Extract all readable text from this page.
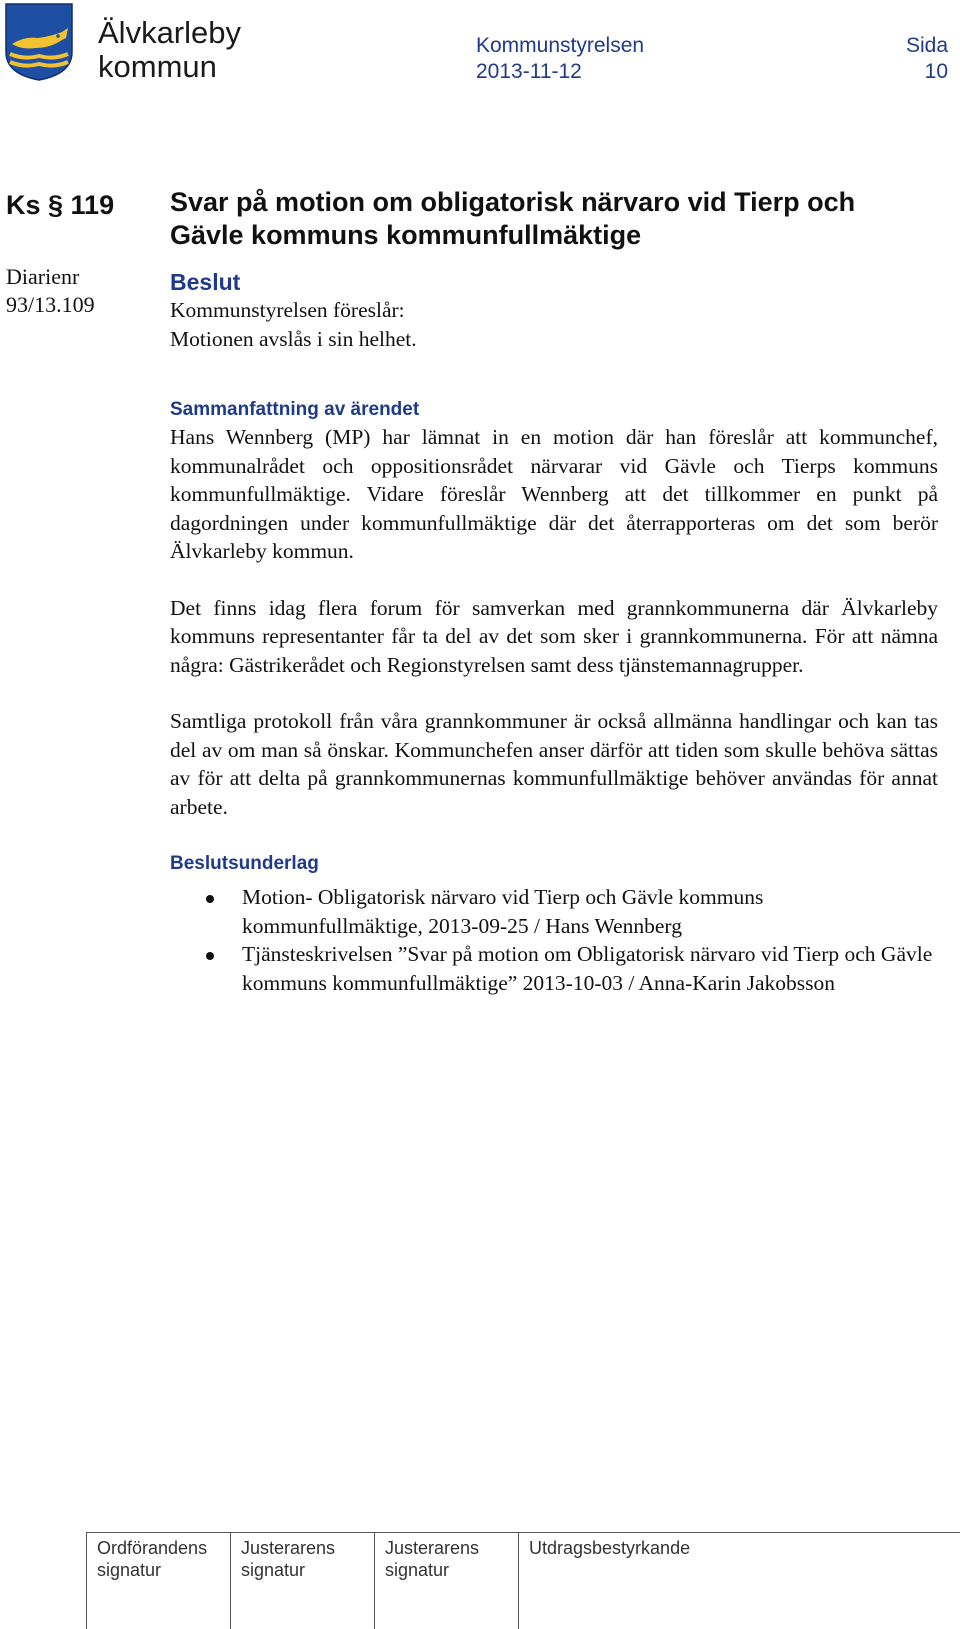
Älvkarleby
kommun
Kommunstyrelsen
2013-11-12
Sida
10
Ks § 119
Diarienr
93/13.109
Svar på motion om obligatorisk närvaro vid Tierp och
Gävle kommuns kommunfullmäktige
Beslut
Kommunstyrelsen föreslår:
Motionen avslås i sin helhet.
Sammanfattning av ärendet

Hans Wennberg (MP) har lämnat in en motion där han föreslår att kommunchef, kommunalrådet och oppositionsrådet närvarar vid Gävle och Tierps kommuns kommunfullmäktige. Vidare föreslår Wennberg att det tillkommer en punkt på dagordningen under kommunfullmäktige där det återrapporteras om det som berör Älvkarleby kommun.

Det finns idag flera forum för samverkan med grannkommunerna där Älvkarleby kommuns representanter får ta del av det som sker i grannkommunerna. För att nämna några: Gästrikerådet och Regionstyrelsen samt dess tjänstemannagrupper.

Samtliga protokoll från våra grannkommuner är också allmänna handlingar och kan tas del av om man så önskar. Kommunchefen anser därför att tiden som skulle behöva sättas av för att delta på grannkommunernas kommunfullmäktige behöver användas för annat arbete.

Beslutsunderlag
Motion- Obligatorisk närvaro vid Tierp och Gävle kommuns kommunfullmäktige, 2013-09-25 / Hans Wennberg
Tjänsteskrivelsen ”Svar på motion om Obligatorisk närvaro vid Tierp och Gävle kommuns kommunfullmäktige” 2013-10-03 / Anna-Karin Jakobsson
Ordförandens
signatur
Justerarens
signatur
Justerarens
signatur
Utdragsbestyrkande
